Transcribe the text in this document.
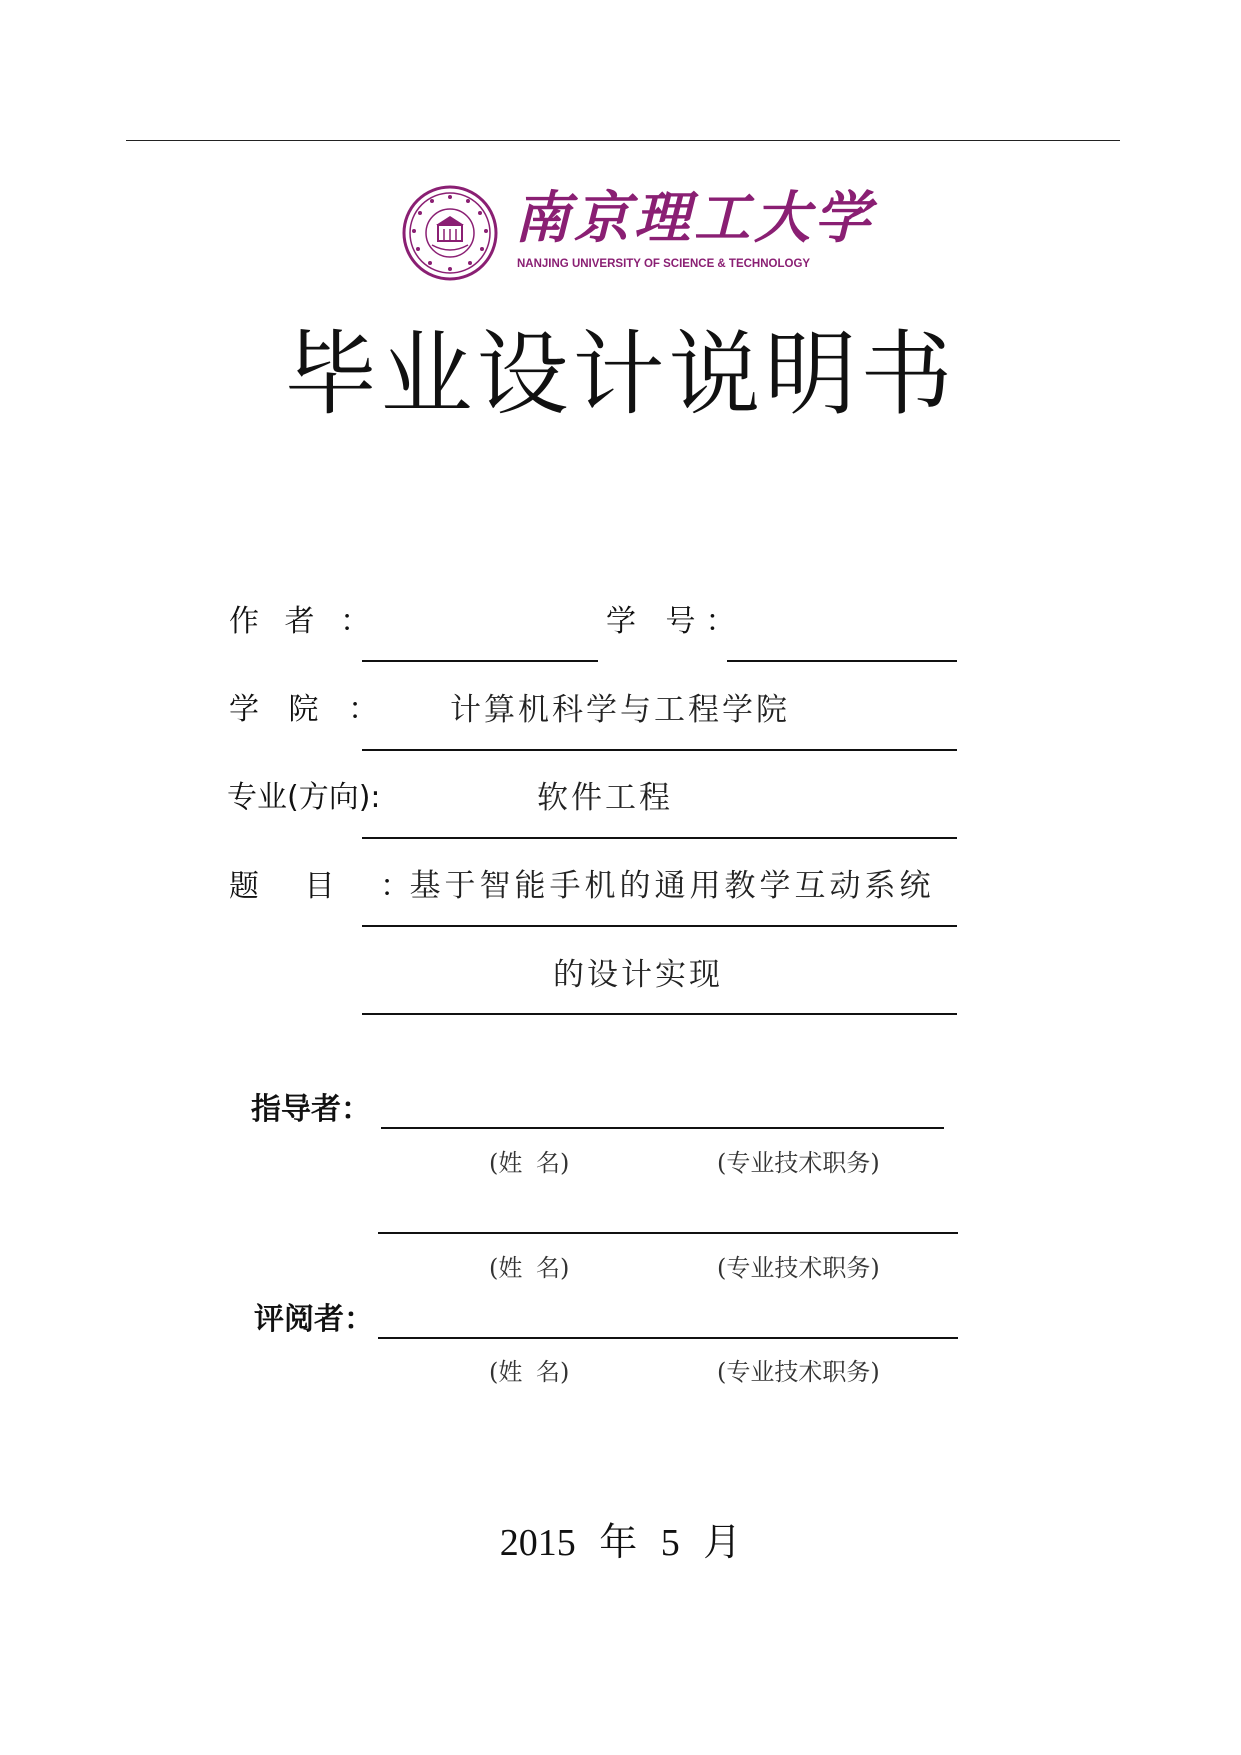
南京理工大学
NANJING UNIVERSITY OF SCIENCE & TECHNOLOGY
毕业设计说明书
作 者 ：	学 号：
学 院 ：	计算机科学与工程学院
专业(方向):	软件工程
题 目 ：
基于智能手机的通用教学互动系统
的设计实现
指导者：
(姓 名)	(专业技术职务)
(姓 名)	(专业技术职务)
评阅者：
(姓 名)	(专业技术职务)
2015 年 5 月
